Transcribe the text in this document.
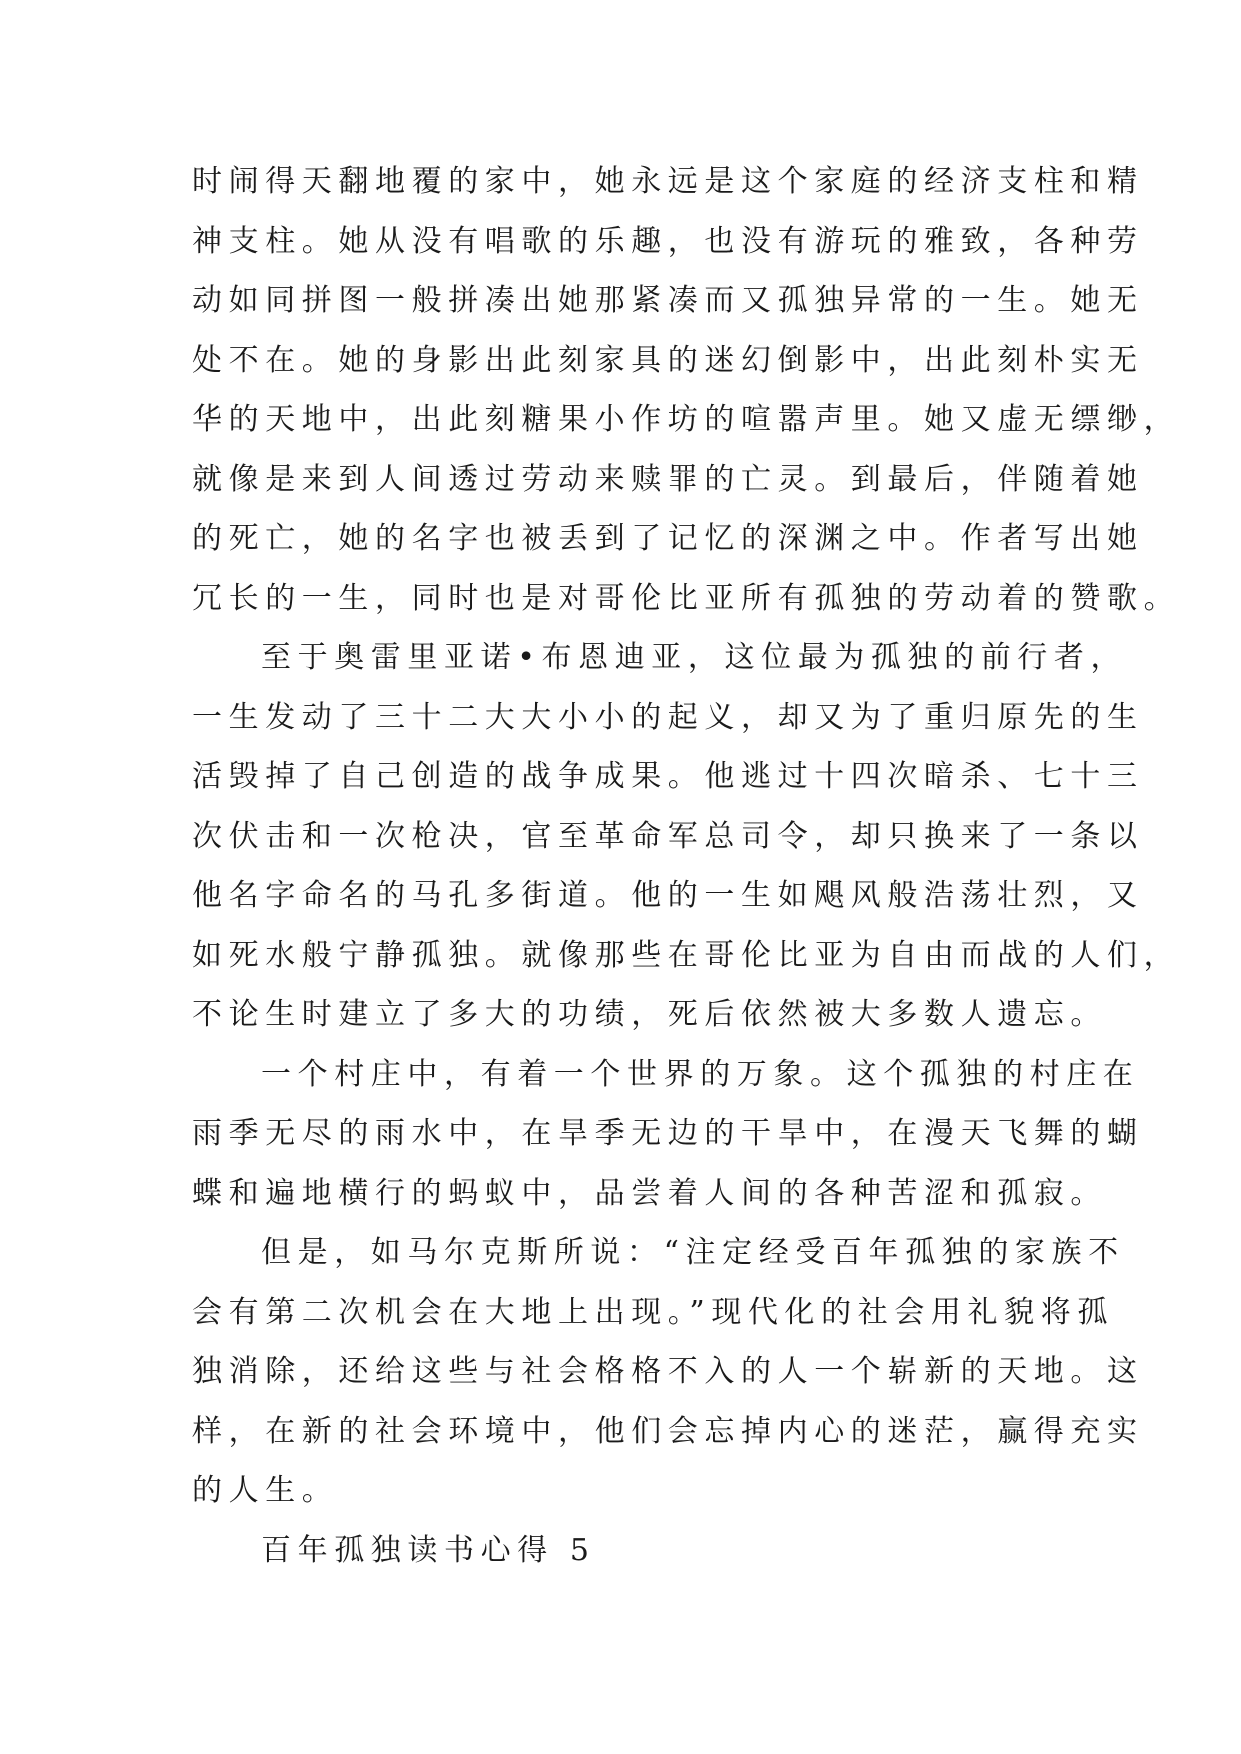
时闹得天翻地覆的家中，她永远是这个家庭的经济支柱和精
神支柱。她从没有唱歌的乐趣，也没有游玩的雅致，各种劳
动如同拼图一般拼凑出她那紧凑而又孤独异常的一生。她无
处不在。她的身影出此刻家具的迷幻倒影中，出此刻朴实无
华的天地中，出此刻糖果小作坊的喧嚣声里。她又虚无缥缈，
就像是来到人间透过劳动来赎罪的亡灵。到最后，伴随着她
的死亡，她的名字也被丢到了记忆的深渊之中。作者写出她
冗长的一生，同时也是对哥伦比亚所有孤独的劳动着的赞歌。
至于奥雷里亚诺•布恩迪亚，这位最为孤独的前行者，
一生发动了三十二大大小小的起义，却又为了重归原先的生
活毁掉了自己创造的战争成果。他逃过十四次暗杀、七十三
次伏击和一次枪决，官至革命军总司令，却只换来了一条以
他名字命名的马孔多街道。他的一生如飓风般浩荡壮烈，又
如死水般宁静孤独。就像那些在哥伦比亚为自由而战的人们，
不论生时建立了多大的功绩，死后依然被大多数人遗忘。
一个村庄中，有着一个世界的万象。这个孤独的村庄在
雨季无尽的雨水中，在旱季无边的干旱中，在漫天飞舞的蝴
蝶和遍地横行的蚂蚁中，品尝着人间的各种苦涩和孤寂。
但是，如马尔克斯所说：“注定经受百年孤独的家族不
会有第二次机会在大地上出现。”现代化的社会用礼貌将孤
独消除，还给这些与社会格格不入的人一个崭新的天地。这
样，在新的社会环境中，他们会忘掉内心的迷茫，赢得充实
的人生。

百年孤独读书心得 5
